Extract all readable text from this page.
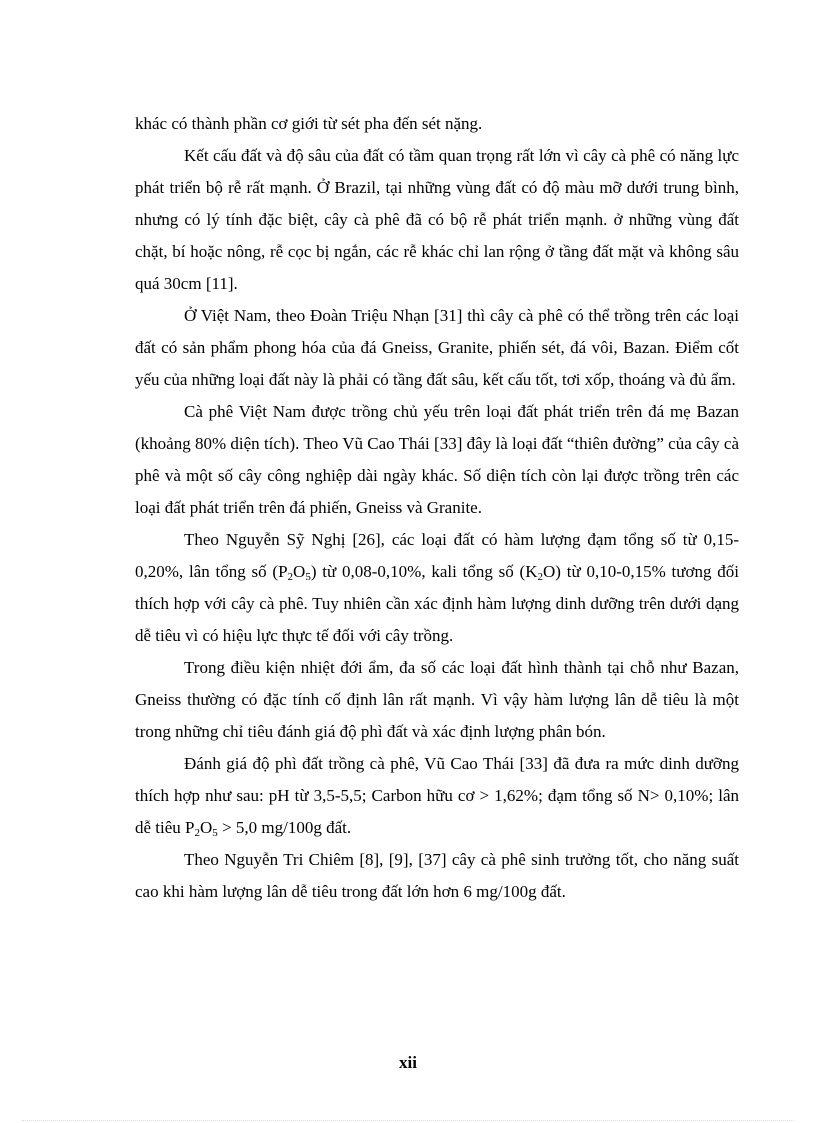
khác có thành phần cơ giới từ sét pha đến sét nặng.

Kết cấu đất và độ sâu của đất có tầm quan trọng rất lớn vì cây cà phê có năng lực phát triển bộ rễ rất mạnh. Ở Brazil, tại những vùng đất có độ màu mỡ dưới trung bình, nhưng có lý tính đặc biệt, cây cà phê đã có bộ rễ phát triển mạnh. ở những vùng đất chặt, bí hoặc nông, rễ cọc bị ngắn, các rễ khác chỉ lan rộng ở tầng đất mặt và không sâu quá 30cm [11].

Ở Việt Nam, theo Đoàn Triệu Nhạn [31] thì cây cà phê có thể trồng trên các loại đất có sản phẩm phong hóa của đá Gneiss, Granite, phiến sét, đá vôi, Bazan. Điểm cốt yếu của những loại đất này là phải có tầng đất sâu, kết cấu tốt, tơi xốp, thoáng và đủ ẩm.

Cà phê Việt Nam được trồng chủ yếu trên loại đất phát triển trên đá mẹ Bazan (khoảng 80% diện tích). Theo Vũ Cao Thái [33] đây là loại đất “thiên đường” của cây cà phê và một số cây công nghiệp dài ngày khác. Số diện tích còn lại được trồng trên các loại đất phát triển trên đá phiến, Gneiss và Granite.

Theo Nguyễn Sỹ Nghị [26], các loại đất có hàm lượng đạm tổng số từ 0,15-0,20%, lân tổng số $(P_2O_5)$ từ 0,08-0,10%, kali tổng số $(K_2O)$ từ 0,10-0,15% tương đối thích hợp với cây cà phê. Tuy nhiên cần xác định hàm lượng dinh dưỡng trên dưới dạng dễ tiêu vì có hiệu lực thực tế đối với cây trồng.

Trong điều kiện nhiệt đới ẩm, đa số các loại đất hình thành tại chỗ như Bazan, Gneiss thường có đặc tính cố định lân rất mạnh. Vì vậy hàm lượng lân dễ tiêu là một trong những chỉ tiêu đánh giá độ phì đất và xác định lượng phân bón.

Đánh giá độ phì đất trồng cà phê, Vũ Cao Thái [33] đã đưa ra mức dinh dưỡng thích hợp như sau: pH từ 3,5-5,5; Carbon hữu cơ > 1,62%; đạm tổng số N> 0,10%; lân dễ tiêu $P_2O_5 > 5,0$ mg/100g đất.

Theo Nguyễn Tri Chiêm [8], [9], [37] cây cà phê sinh trưởng tốt, cho năng suất cao khi hàm lượng lân dễ tiêu trong đất lớn hơn 6 mg/100g đất.

xii
